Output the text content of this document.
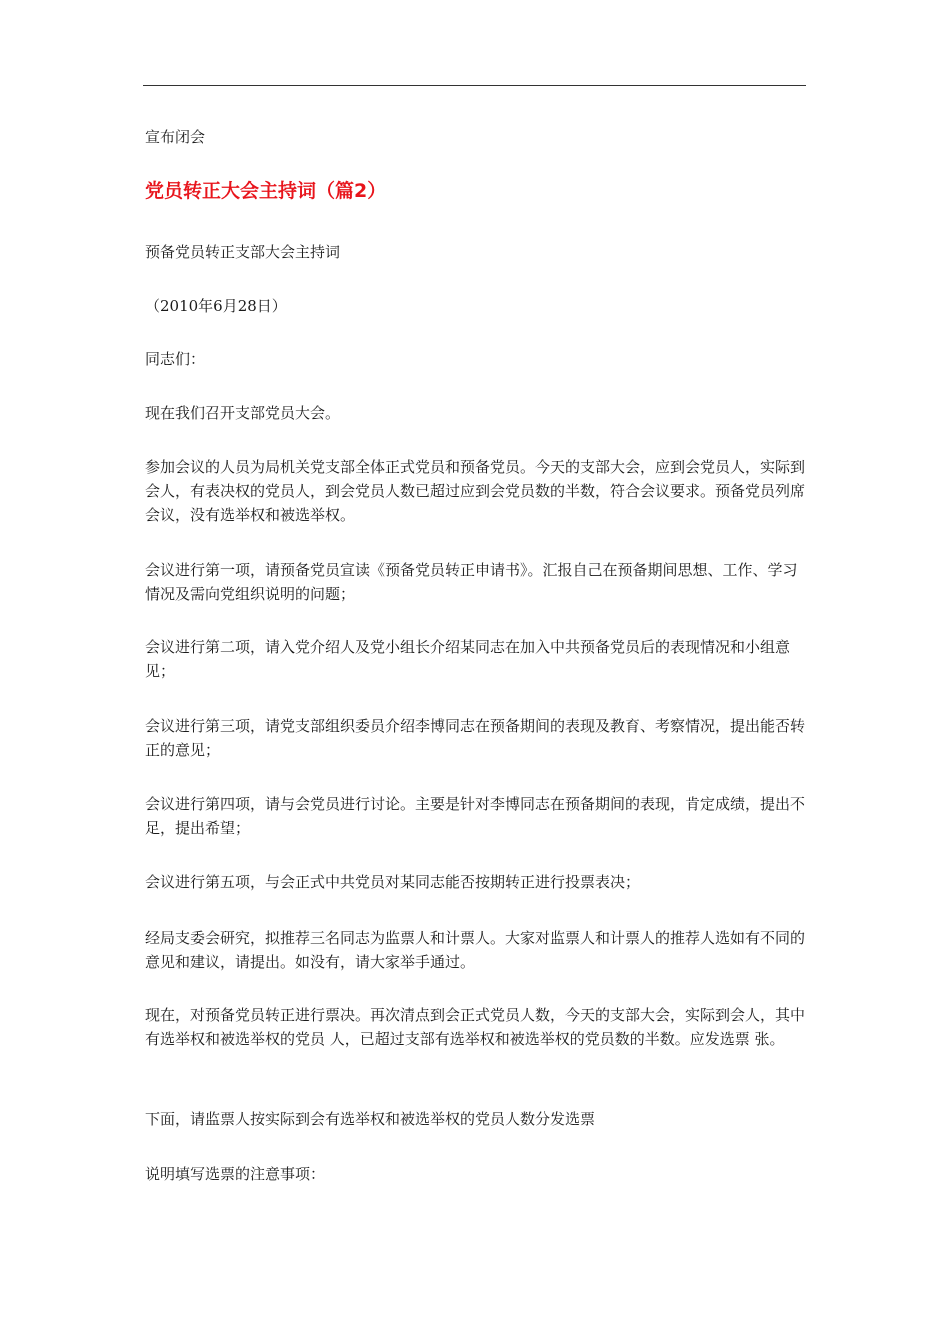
宣布闭会

党员转正大会主持词（篇2）

预备党员转正支部大会主持词

（2010年6月28日）

同志们：

现在我们召开支部党员大会。

参加会议的人员为局机关党支部全体正式党员和预备党员。今天的支部大会，应到会党员人，实际到会人，有表决权的党员人，到会党员人数已超过应到会党员数的半数，符合会议要求。预备党员列席会议，没有选举权和被选举权。

会议进行第一项，请预备党员宣读《预备党员转正申请书》。汇报自己在预备期间思想、工作、学习情况及需向党组织说明的问题；

会议进行第二项，请入党介绍人及党小组长介绍某同志在加入中共预备党员后的表现情况和小组意见；

会议进行第三项，请党支部组织委员介绍李博同志在预备期间的表现及教育、考察情况，提出能否转正的意见；

会议进行第四项，请与会党员进行讨论。主要是针对李博同志在预备期间的表现，肯定成绩，提出不足，提出希望；

会议进行第五项，与会正式中共党员对某同志能否按期转正进行投票表决；

经局支委会研究，拟推荐三名同志为监票人和计票人。大家对监票人和计票人的推荐人选如有不同的意见和建议，请提出。如没有，请大家举手通过。

现在，对预备党员转正进行票决。再次清点到会正式党员人数，今天的支部大会，实际到会人，其中有选举权和被选举权的党员 人，已超过支部有选举权和被选举权的党员数的半数。应发选票 张。

下面，请监票人按实际到会有选举权和被选举权的党员人数分发选票

说明填写选票的注意事项：
